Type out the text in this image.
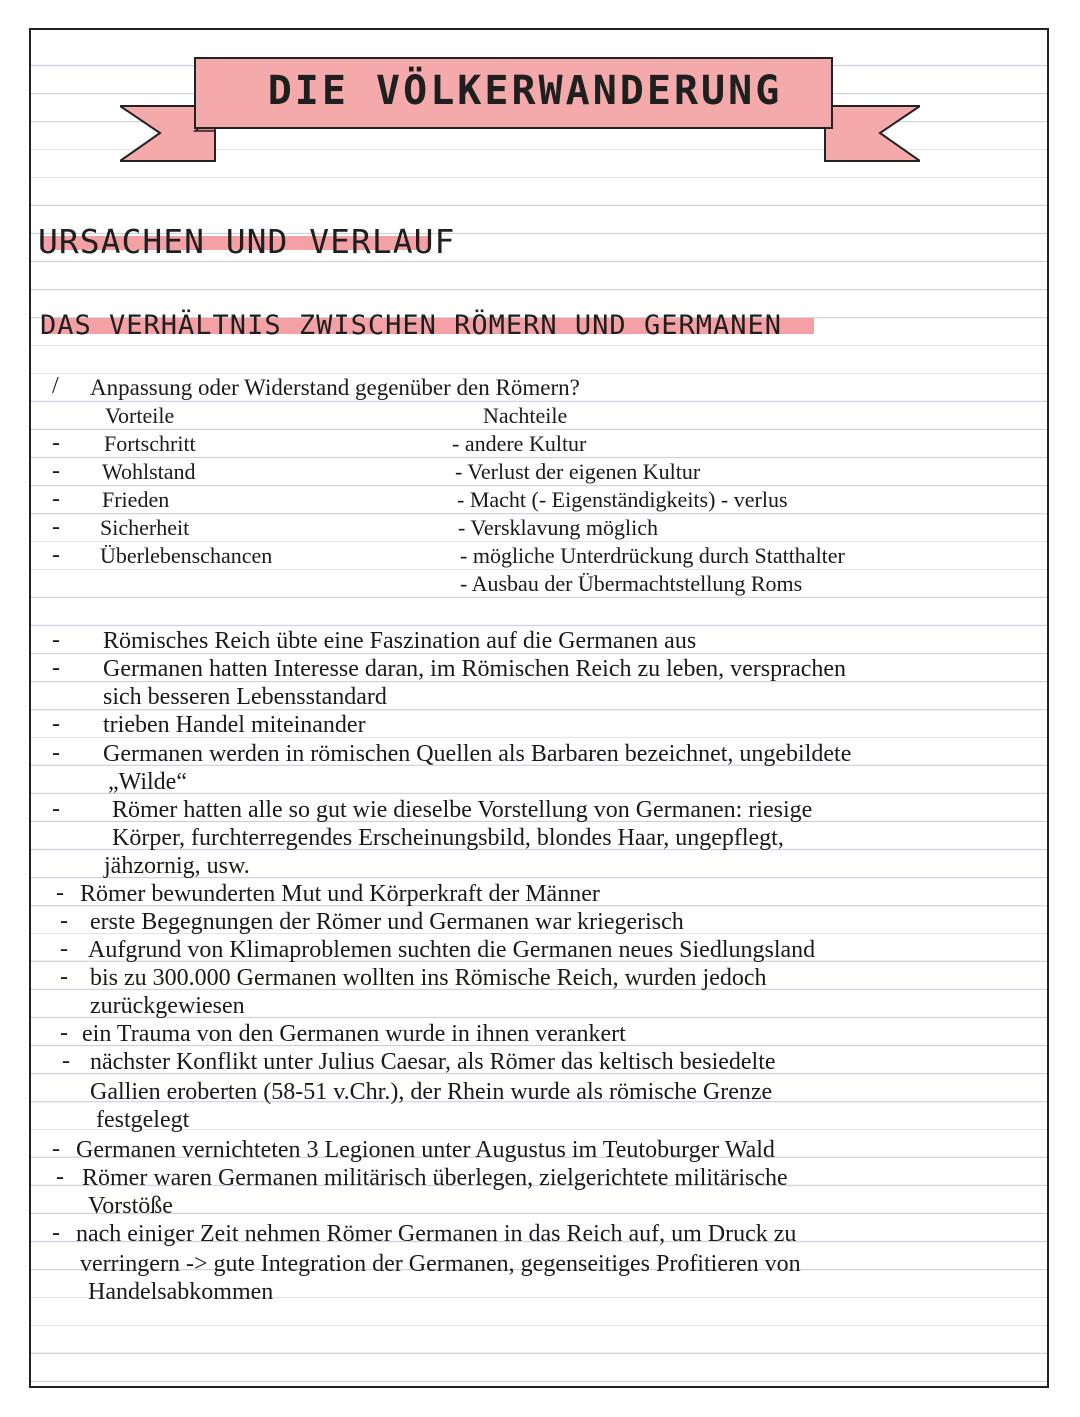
DIE VÖLKERWANDERUNG
URSACHEN UND VERLAUF
DAS VERHÄLTNIS ZWISCHEN RÖMERN UND GERMANEN
/ Anpassung oder Widerstand gegenüber den Römern?
Vorteile	Nachteile
- Fortschritt
- Wohlstand
- Frieden
- Sicherheit
- Überlebenschancen
- andere Kultur
- Verlust der eigenen Kultur
- Macht (- Eigenständigkeits) - verlus
- Versklavung möglich
- mögliche Unterdrückung durch Statthalter
- Ausbau der Übermachtstellung Roms
- Römisches Reich übte eine Faszination auf die Germanen aus
- Germanen hatten Interesse daran, im Römischen Reich zu leben, versprachen
sich besseren Lebensstandard
- trieben Handel miteinander
- Germanen werden in römischen Quellen als Barbaren bezeichnet, ungebildete
„Wilde“
- Römer hatten alle so gut wie dieselbe Vorstellung von Germanen: riesige
Körper, furchterregendes Erscheinungsbild, blondes Haar, ungepflegt,
jähzornig, usw.
- Römer bewunderten Mut und Körperkraft der Männer
- erste Begegnungen der Römer und Germanen war kriegerisch
- Aufgrund von Klimaproblemen suchten die Germanen neues Siedlungsland
- bis zu 300.000 Germanen wollten ins Römische Reich, wurden jedoch
zurückgewiesen
- ein Trauma von den Germanen wurde in ihnen verankert
- nächster Konflikt unter Julius Caesar, als Römer das keltisch besiedelte
Gallien eroberten (58-51 v.Chr.), der Rhein wurde als römische Grenze
festgelegt
- Germanen vernichteten 3 Legionen unter Augustus im Teutoburger Wald
- Römer waren Germanen militärisch überlegen, zielgerichtete militärische
Vorstöße
- nach einiger Zeit nehmen Römer Germanen in das Reich auf, um Druck zu
verringern -> gute Integration der Germanen, gegenseitiges Profitieren von
Handelsabkommen
